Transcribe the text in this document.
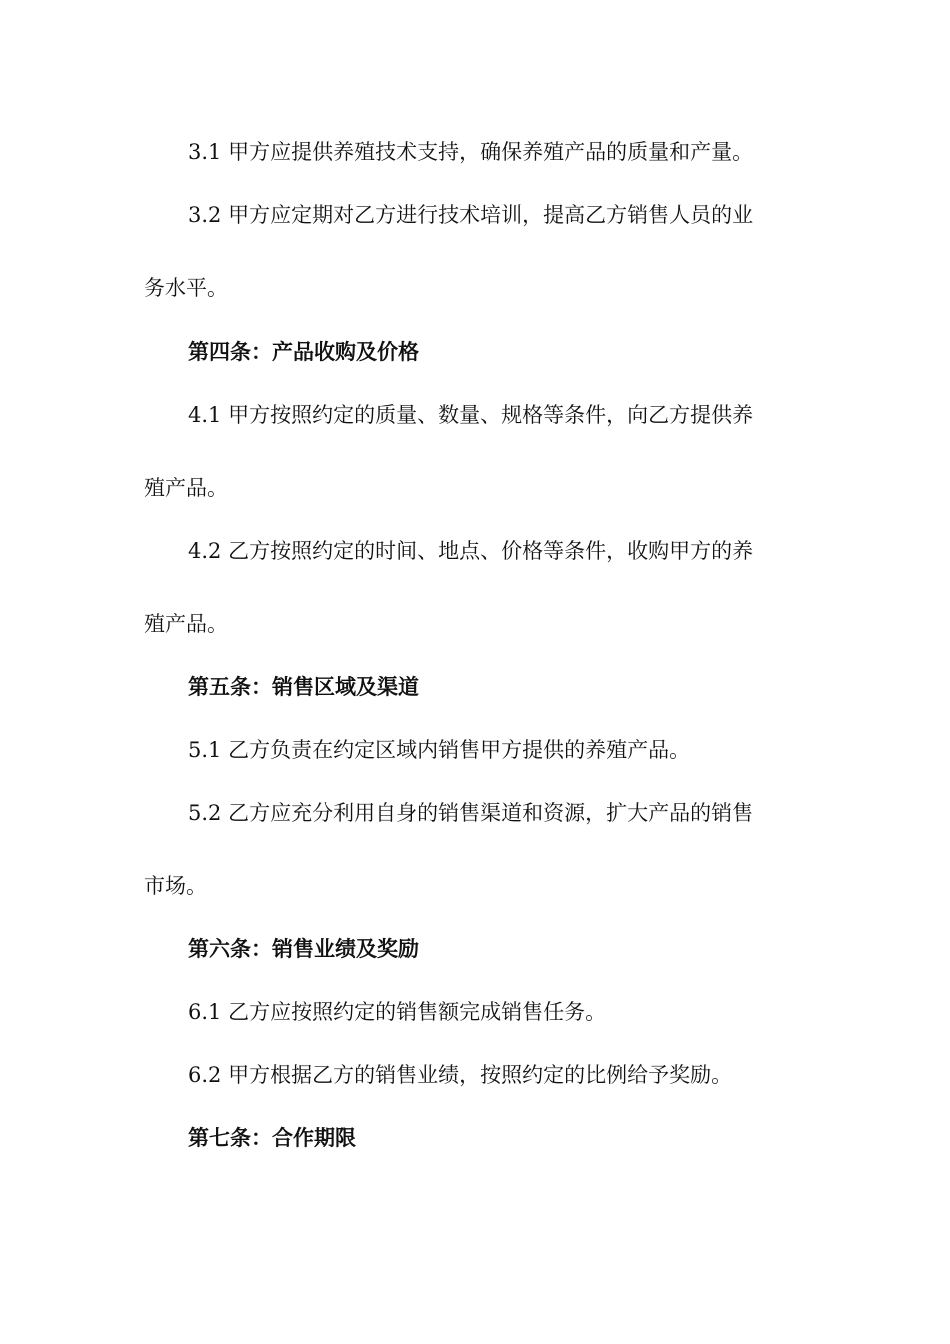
3.1 甲方应提供养殖技术支持，确保养殖产品的质量和产量。
3.2 甲方应定期对乙方进行技术培训，提高乙方销售人员的业
务水平。
第四条：产品收购及价格
4.1 甲方按照约定的质量、数量、规格等条件，向乙方提供养
殖产品。
4.2 乙方按照约定的时间、地点、价格等条件，收购甲方的养
殖产品。
第五条：销售区域及渠道
5.1 乙方负责在约定区域内销售甲方提供的养殖产品。
5.2 乙方应充分利用自身的销售渠道和资源，扩大产品的销售
市场。
第六条：销售业绩及奖励
6.1 乙方应按照约定的销售额完成销售任务。
6.2 甲方根据乙方的销售业绩，按照约定的比例给予奖励。
第七条：合作期限
